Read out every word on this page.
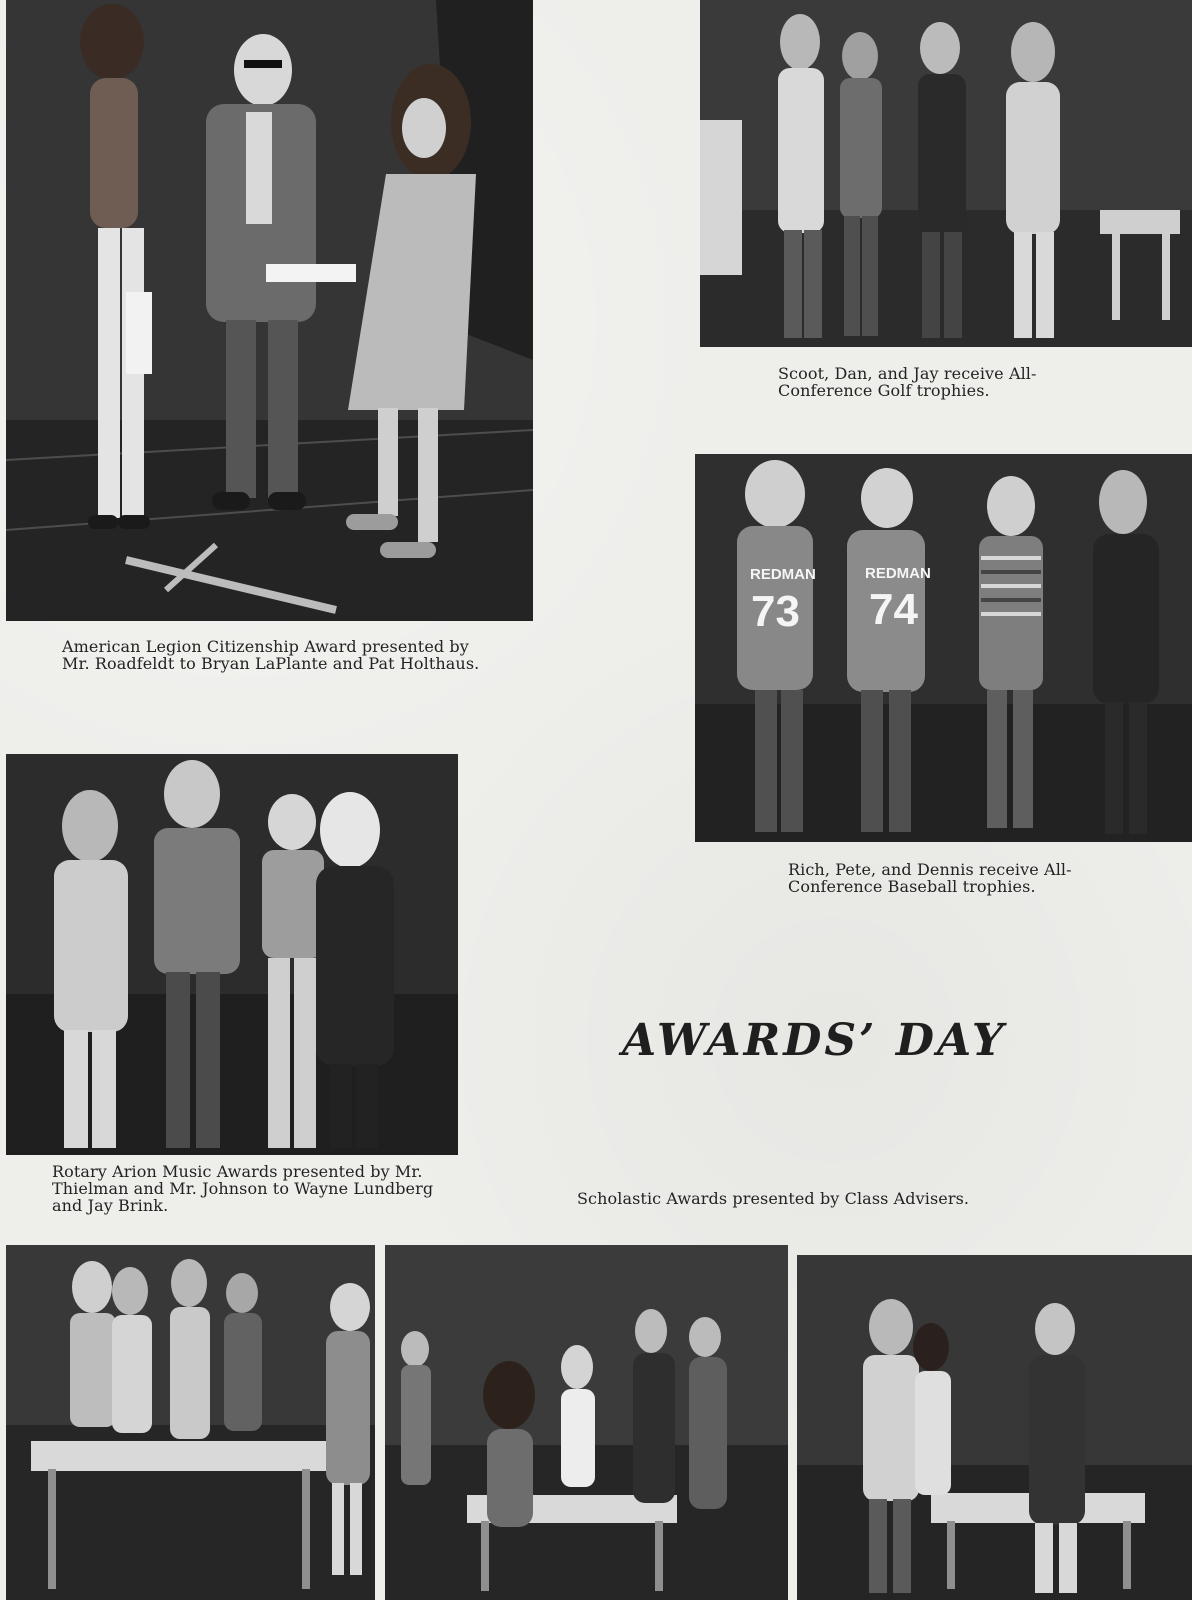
Scoot, Dan, and Jay receive All-Conference Golf trophies.

American Legion Citizenship Award presented by Mr. Roadfeldt to Bryan LaPlante and Pat Holthaus.

REDMAN
73
REDMAN
74

Rich, Pete, and Dennis receive All-Conference Baseball trophies.

Rotary Arion Music Awards presented by Mr. Thielman and Mr. Johnson to Wayne Lundberg and Jay Brink.

AWARDS’ DAY

Scholastic Awards presented by Class Advisers.

74
